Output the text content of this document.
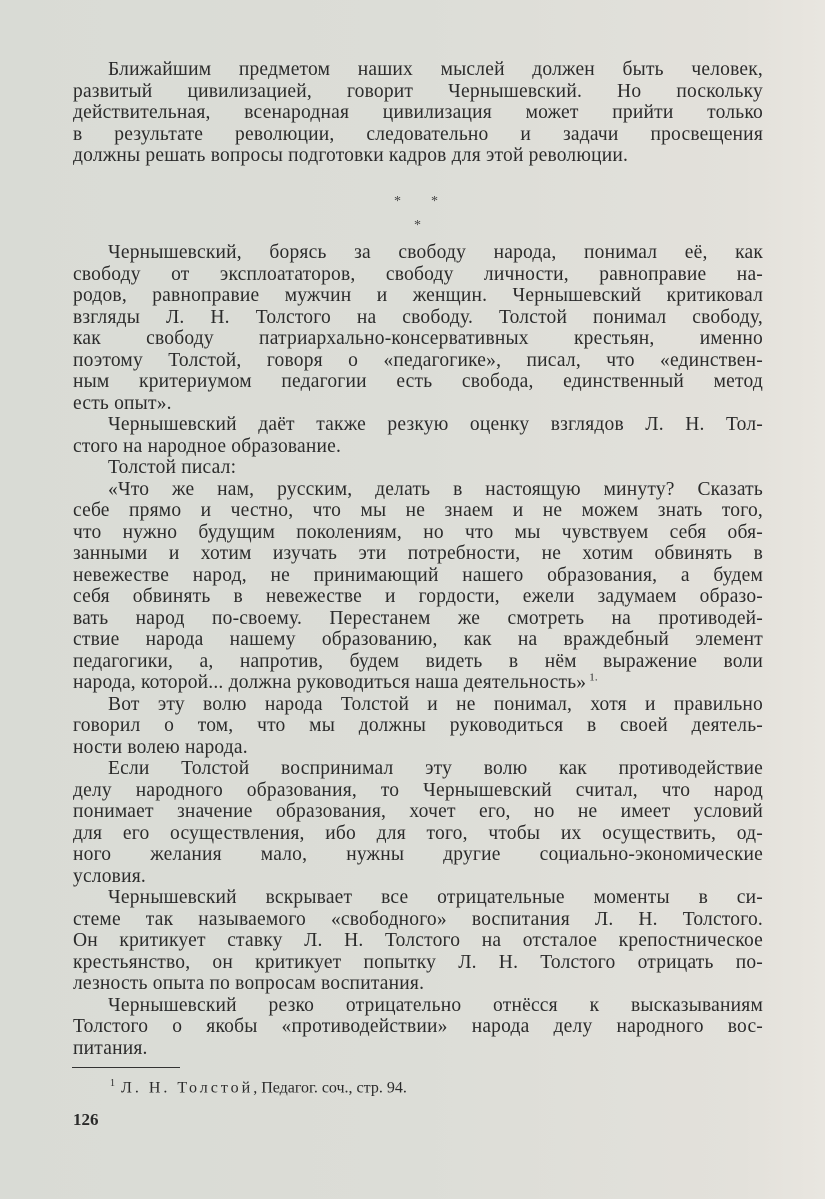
Ближайшим предметом наших мыслей должен быть человек,
развитый цивилизацией, говорит Чернышевский. Но поскольку
действительная, всенародная цивилизация может прийти только
в результате революции, следовательно и задачи просвещения
должны решать вопросы подготовки кадров для этой революции.
* *
*
Чернышевский, борясь за свободу народа, понимал её, как
свободу от эксплоататоров, свободу личности, равноправие на-
родов, равноправие мужчин и женщин. Чернышевский критиковал
взгляды Л. Н. Толстого на свободу. Толстой понимал свободу,
как свободу патриархально-консервативных крестьян, именно
поэтому Толстой, говоря о «педагогике», писал, что «единствен-
ным критериумом педагогии есть свобода, единственный метод
есть опыт».
Чернышевский даёт также резкую оценку взглядов Л. Н. Тол-
стого на народное образование.
Толстой писал:
«Что же нам, русским, делать в настоящую минуту? Сказать
себе прямо и честно, что мы не знаем и не можем знать того,
что нужно будущим поколениям, но что мы чувствуем себя обя-
занными и хотим изучать эти потребности, не хотим обвинять в
невежестве народ, не принимающий нашего образования, а будем
себя обвинять в невежестве и гордости, ежели задумаем образо-
вать народ по-своему. Перестанем же смотреть на противодей-
ствие народа нашему образованию, как на враждебный элемент
педагогики, а, напротив, будем видеть в нём выражение воли
народа, которой... должна руководиться наша деятельность» $^{1.}$
Вот эту волю народа Толстой и не понимал, хотя и правильно
говорил о том, что мы должны руководиться в своей деятель-
ности волею народа.
Если Толстой воспринимал эту волю как противодействие
делу народного образования, то Чернышевский считал, что народ
понимает значение образования, хочет его, но не имеет условий
для его осуществления, ибо для того, чтобы их осуществить, од-
ного желания мало, нужны другие социально-экономические
условия.
Чернышевский вскрывает все отрицательные моменты в си-
стеме так называемого «свободного» воспитания Л. Н. Толстого.
Он критикует ставку Л. Н. Толстого на отсталое крепостническое
крестьянство, он критикует попытку Л. Н. Толстого отрицать по-
лезность опыта по вопросам воспитания.
Чернышевский резко отрицательно отнёсся к высказываниям
Толстого о якобы «противодействии» народа делу народного вос-
питания.
$^1$ Л. Н. Толстой, Педагог. соч., стр. 94.
126
